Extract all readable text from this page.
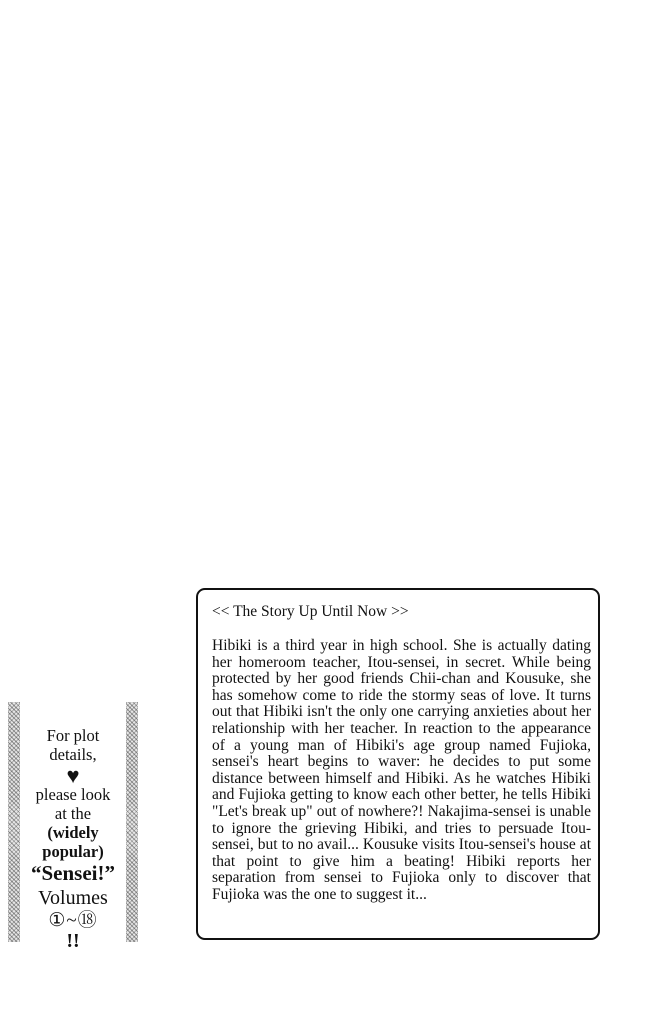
For plot
details,
♥
please look
at the
(widely
popular)
“Sensei!”
Volumes
①~⑱
!!
<< The Story Up Until Now >>
Hibiki is a third year in high school. She is actually dating her homeroom teacher, Itou-sensei, in secret. While being protected by her good friends Chii-chan and Kousuke, she has somehow come to ride the stormy seas of love. It turns out that Hibiki isn't the only one carrying anxieties about her relationship with her teacher. In reaction to the appearance of a young man of Hibiki's age group named Fujioka, sensei's heart begins to waver: he decides to put some distance between himself and Hibiki. As he watches Hibiki and Fujioka getting to know each other better, he tells Hibiki "Let's break up" out of nowhere?! Nakajima-sensei is unable to ignore the grieving Hibiki, and tries to persuade Itou-sensei, but to no avail... Kousuke visits Itou-sensei's house at that point to give him a beating! Hibiki reports her separation from sensei to Fujioka only to discover that Fujioka was the one to suggest it...
